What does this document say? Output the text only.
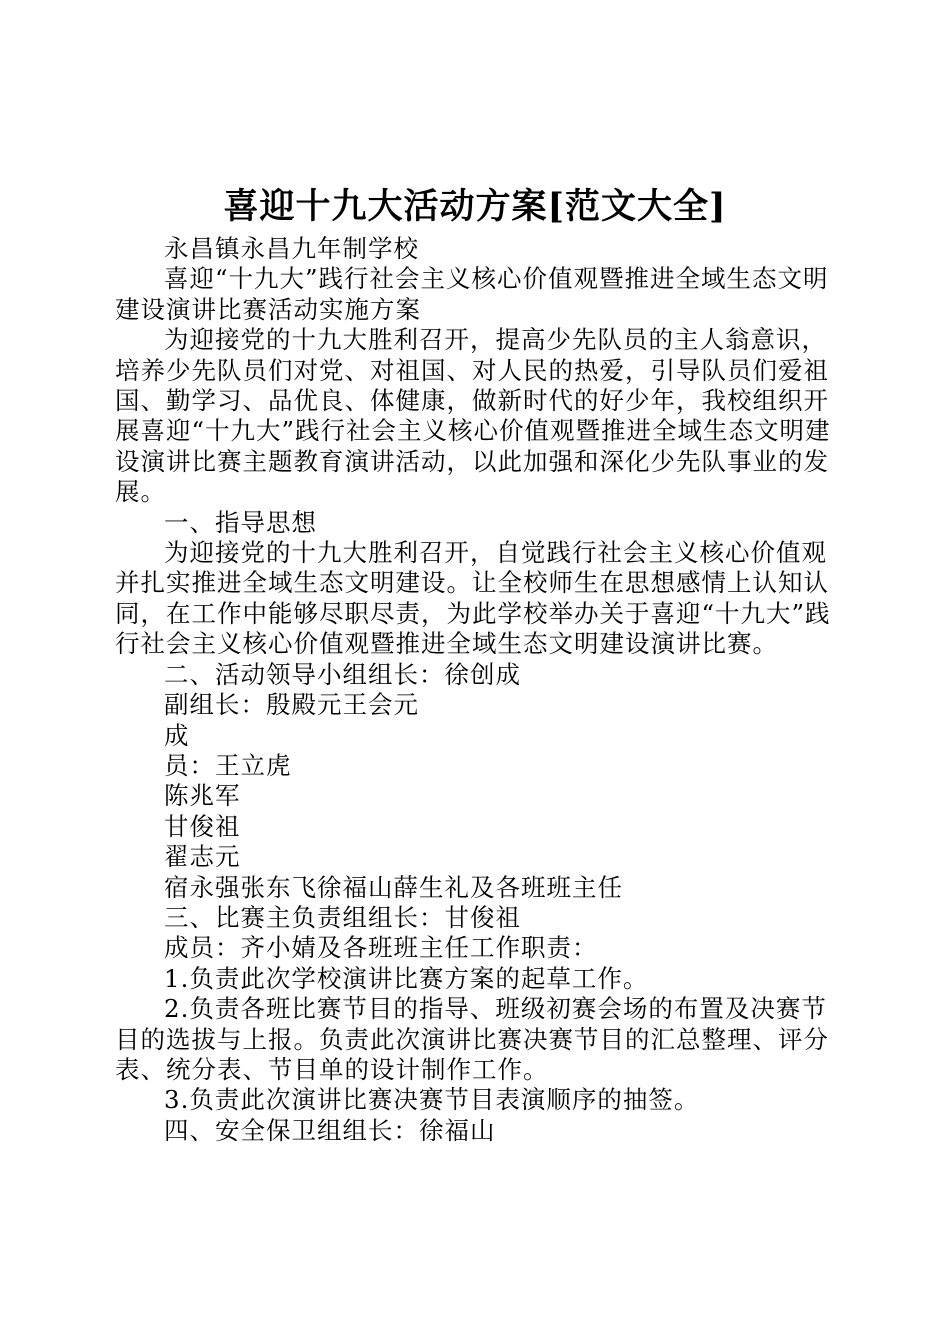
喜迎十九大活动方案[范文大全]

永昌镇永昌九年制学校

喜迎“十九大”践行社会主义核心价值观暨推进全域生态文明建设演讲比赛活动实施方案

为迎接党的十九大胜利召开，提高少先队员的主人翁意识，培养少先队员们对党、对祖国、对人民的热爱，引导队员们爱祖国、勤学习、品优良、体健康，做新时代的好少年，我校组织开展喜迎“十九大”践行社会主义核心价值观暨推进全域生态文明建设演讲比赛主题教育演讲活动，以此加强和深化少先队事业的发展。

一、指导思想

为迎接党的十九大胜利召开，自觉践行社会主义核心价值观并扎实推进全域生态文明建设。让全校师生在思想感情上认知认同，在工作中能够尽职尽责，为此学校举办关于喜迎“十九大”践行社会主义核心价值观暨推进全域生态文明建设演讲比赛。

二、活动领导小组组长：徐创成

副组长：殷殿元王会元

成

员：王立虎

陈兆军

甘俊祖

翟志元

宿永强张东飞徐福山薛生礼及各班班主任

三、比赛主负责组组长：甘俊祖

成员：齐小婧及各班班主任工作职责：

1.负责此次学校演讲比赛方案的起草工作。

2.负责各班比赛节目的指导、班级初赛会场的布置及决赛节目的选拔与上报。负责此次演讲比赛决赛节目的汇总整理、评分表、统分表、节目单的设计制作工作。

3.负责此次演讲比赛决赛节目表演顺序的抽签。

四、安全保卫组组长：徐福山
